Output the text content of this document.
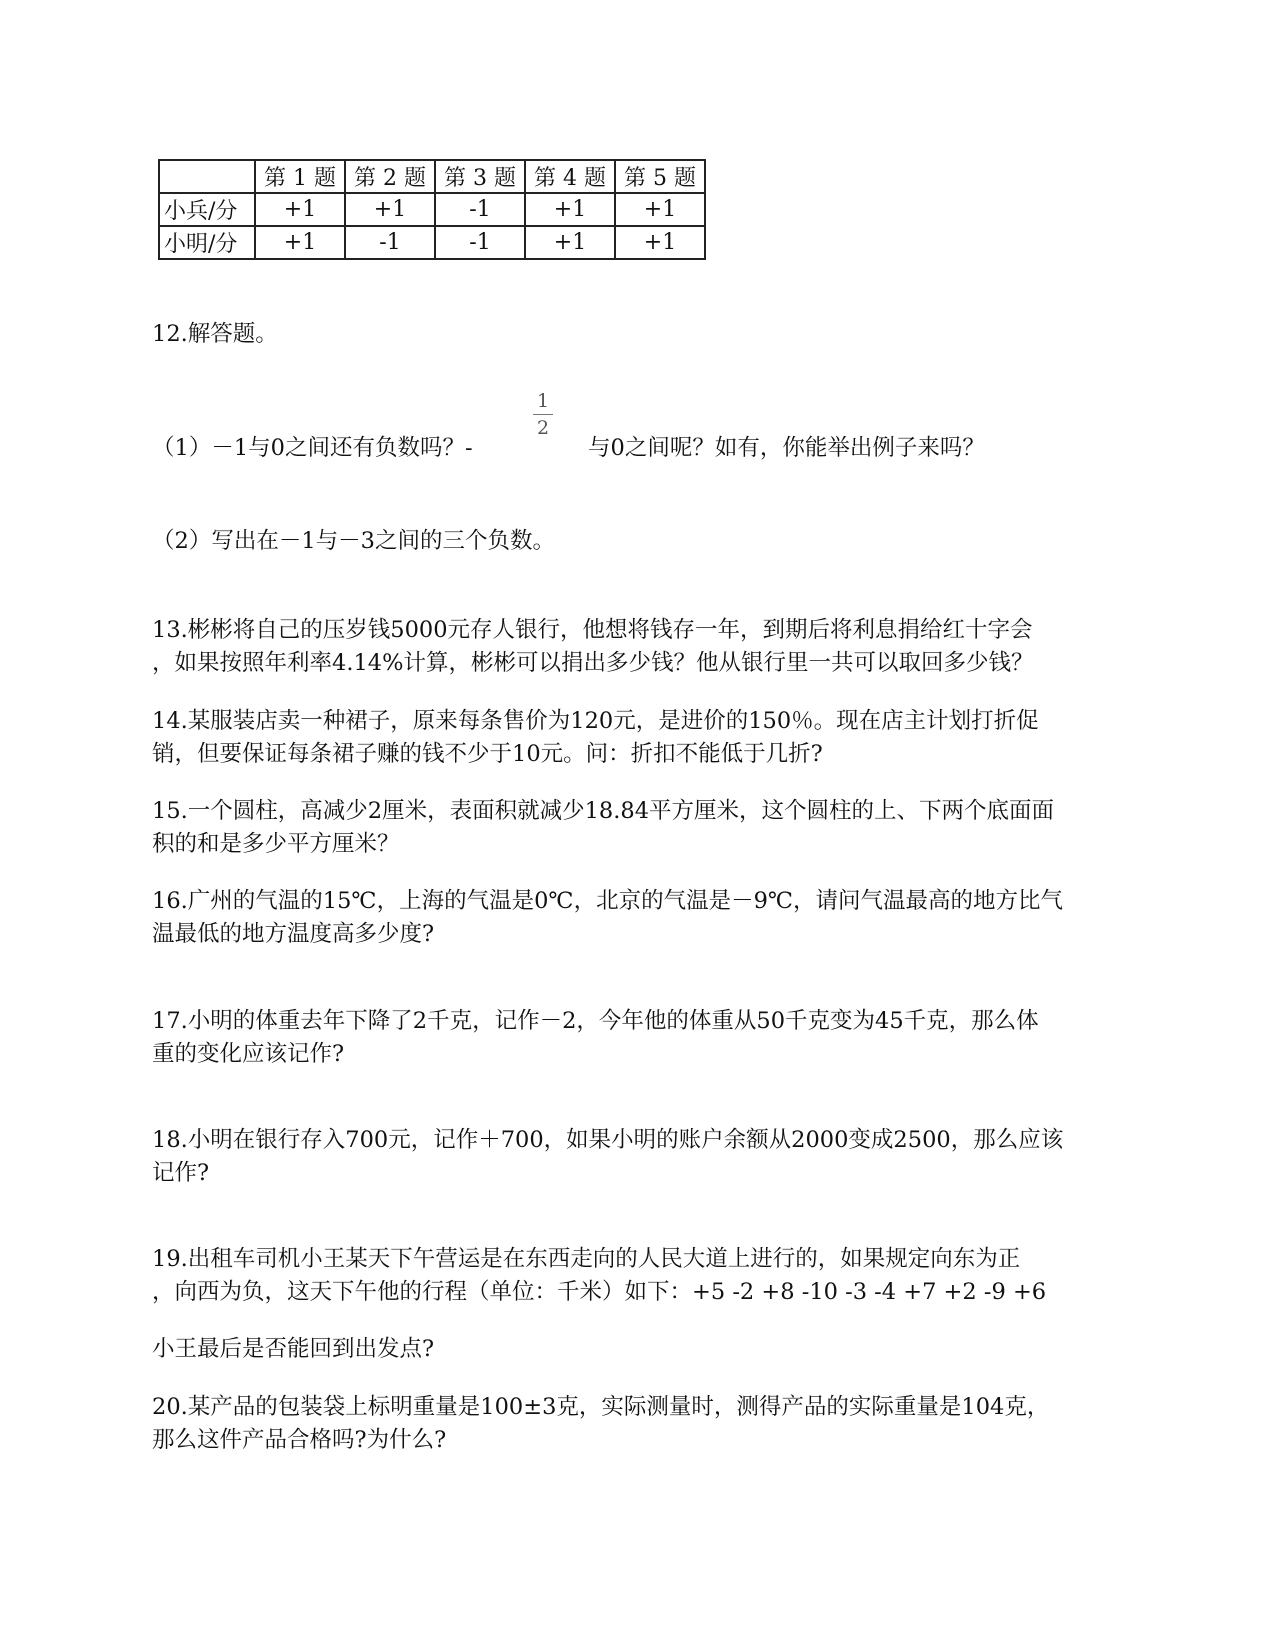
	第 1 题	第 2 题	第 3 题	第 4 题	第 5 题
小兵/分	+1	+1	-1	+1	+1
小明/分	+1	-1	-1	+1	+1
12.解答题。
1
2
（1）－1与0之间还有负数吗？-	与0之间呢？如有，你能举出例子来吗？
（2）写出在－1与－3之间的三个负数。
13.彬彬将自己的压岁钱5000元存人银行，他想将钱存一年，到期后将利息捐给红十字会
，如果按照年利率4.14%计算，彬彬可以捐出多少钱？他从银行里一共可以取回多少钱？
14.某服装店卖一种裙子，原来每条售价为120元，是进价的150％。现在店主计划打折促
销，但要保证每条裙子赚的钱不少于10元。问：折扣不能低于几折?
15.一个圆柱，高减少2厘米，表面积就减少18.84平方厘米，这个圆柱的上、下两个底面面
积的和是多少平方厘米？
16.广州的气温的15℃，上海的气温是0℃，北京的气温是－9℃，请问气温最高的地方比气
温最低的地方温度高多少度?
17.小明的体重去年下降了2千克，记作－2，今年他的体重从50千克变为45千克，那么体
重的变化应该记作?
18.小明在银行存入700元，记作＋700，如果小明的账户余额从2000变成2500，那么应该
记作?
19.出租车司机小王某天下午营运是在东西走向的人民大道上进行的，如果规定向东为正
，向西为负，这天下午他的行程（单位：千米）如下：+5 -2 +8 -10 -3 -4 +7 +2 -9 +6
小王最后是否能回到出发点?
20.某产品的包装袋上标明重量是100±3克，实际测量时，测得产品的实际重量是104克，
那么这件产品合格吗?为什么?
